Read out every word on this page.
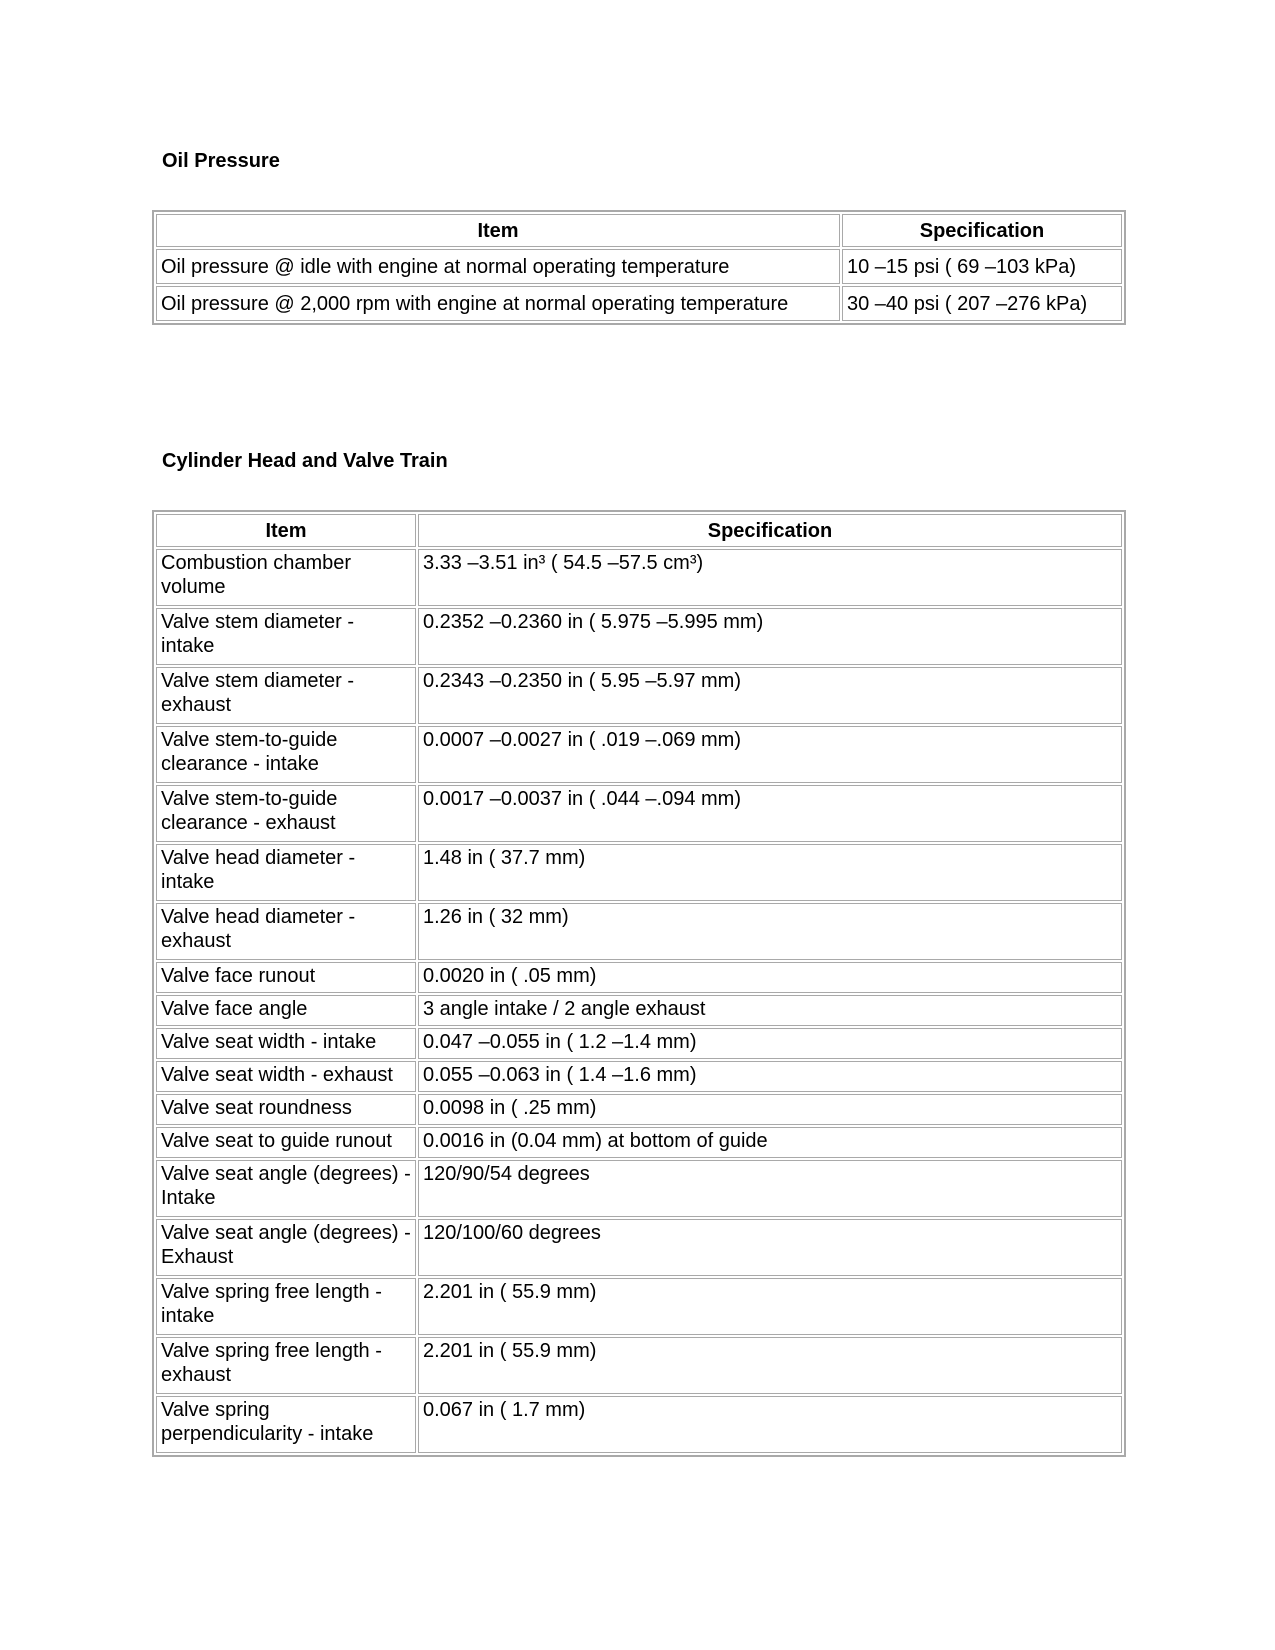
Oil Pressure
Item	Specification
Oil pressure @ idle with engine at normal operating temperature	10 –15 psi ( 69 –103 kPa)
Oil pressure @ 2,000 rpm with engine at normal operating temperature	30 –40 psi ( 207 –276 kPa)
Cylinder Head and Valve Train
Item	Specification
Combustion chamber volume	3.33 –3.51 in³ ( 54.5 –57.5 cm³)
Valve stem diameter - intake	0.2352 –0.2360 in ( 5.975 –5.995 mm)
Valve stem diameter - exhaust	0.2343 –0.2350 in ( 5.95 –5.97 mm)
Valve stem-to-guide clearance - intake	0.0007 –0.0027 in ( .019 –.069 mm)
Valve stem-to-guide clearance - exhaust	0.0017 –0.0037 in ( .044 –.094 mm)
Valve head diameter - intake	1.48 in ( 37.7 mm)
Valve head diameter - exhaust	1.26 in ( 32 mm)
Valve face runout	0.0020 in ( .05 mm)
Valve face angle	3 angle intake / 2 angle exhaust
Valve seat width - intake	0.047 –0.055 in ( 1.2 –1.4 mm)
Valve seat width - exhaust	0.055 –0.063 in ( 1.4 –1.6 mm)
Valve seat roundness	0.0098 in ( .25 mm)
Valve seat to guide runout	0.0016 in (0.04 mm) at bottom of guide
Valve seat angle (degrees) - Intake	120/90/54 degrees
Valve seat angle (degrees) - Exhaust	120/100/60 degrees
Valve spring free length - intake	2.201 in ( 55.9 mm)
Valve spring free length - exhaust	2.201 in ( 55.9 mm)
Valve spring perpendicularity - intake	0.067 in ( 1.7 mm)
